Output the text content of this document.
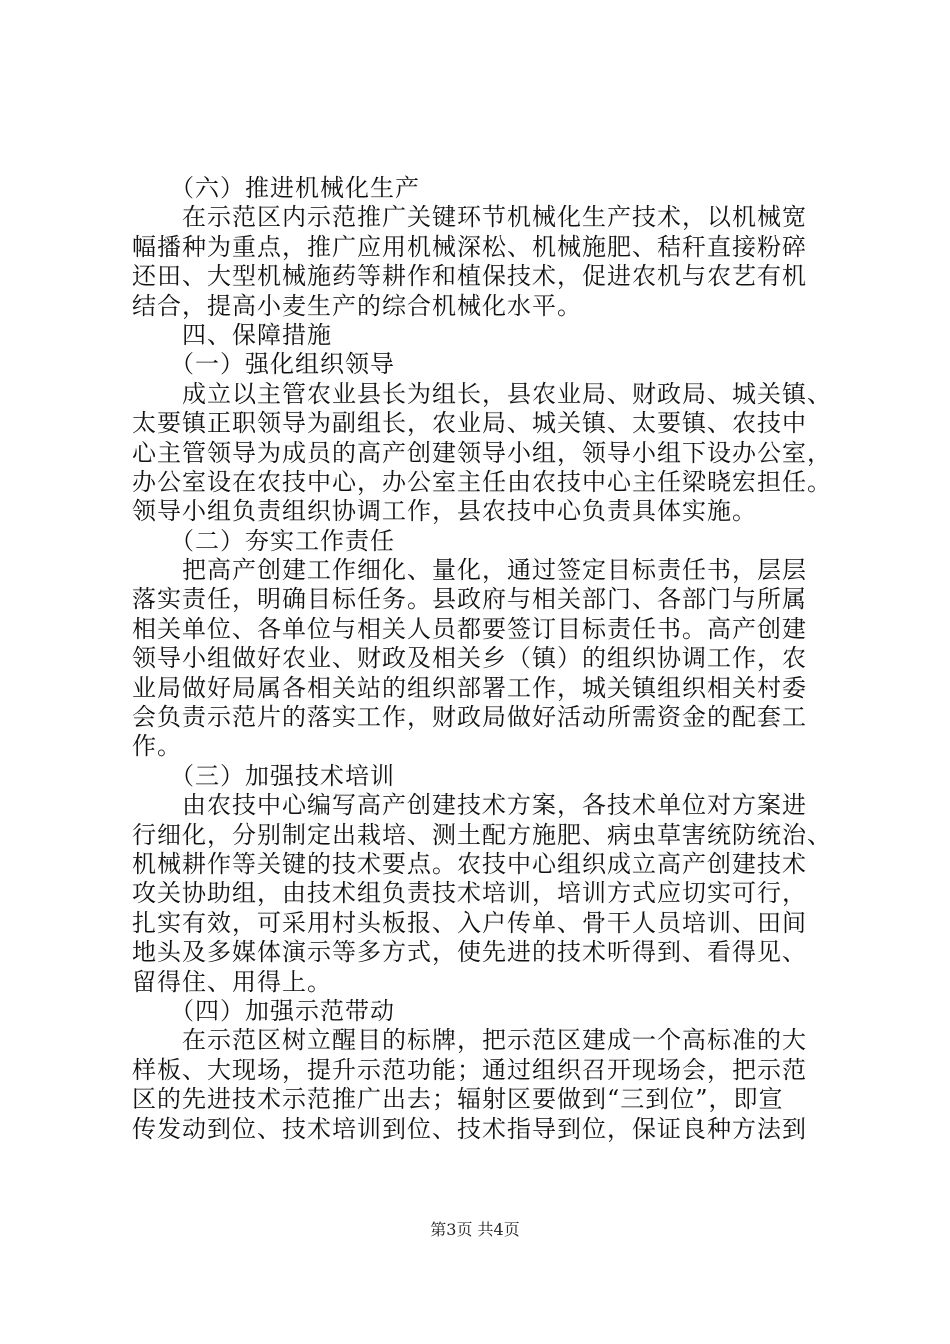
　　（六）推进机械化生产
　　在示范区内示范推广关键环节机械化生产技术，以机械宽
幅播种为重点，推广应用机械深松、机械施肥、秸秆直接粉碎
还田、大型机械施药等耕作和植保技术，促进农机与农艺有机
结合，提高小麦生产的综合机械化水平。
　　四、保障措施
　　（一）强化组织领导
　　成立以主管农业县长为组长，县农业局、财政局、城关镇、
太要镇正职领导为副组长，农业局、城关镇、太要镇、农技中
心主管领导为成员的高产创建领导小组，领导小组下设办公室，
办公室设在农技中心，办公室主任由农技中心主任梁晓宏担任。
领导小组负责组织协调工作，县农技中心负责具体实施。
　　（二）夯实工作责任
　　把高产创建工作细化、量化，通过签定目标责任书，层层
落实责任，明确目标任务。县政府与相关部门、各部门与所属
相关单位、各单位与相关人员都要签订目标责任书。高产创建
领导小组做好农业、财政及相关乡（镇）的组织协调工作，农
业局做好局属各相关站的组织部署工作，城关镇组织相关村委
会负责示范片的落实工作，财政局做好活动所需资金的配套工
作。
　　（三）加强技术培训
　　由农技中心编写高产创建技术方案，各技术单位对方案进
行细化，分别制定出栽培、测土配方施肥、病虫草害统防统治、
机械耕作等关键的技术要点。农技中心组织成立高产创建技术
攻关协助组，由技术组负责技术培训，培训方式应切实可行，
扎实有效，可采用村头板报、入户传单、骨干人员培训、田间
地头及多媒体演示等多方式，使先进的技术听得到、看得见、
留得住、用得上。
　　（四）加强示范带动
　　在示范区树立醒目的标牌，把示范区建成一个高标准的大
样板、大现场，提升示范功能；通过组织召开现场会，把示范
区的先进技术示范推广出去；辐射区要做到“三到位”，即宣
传发动到位、技术培训到位、技术指导到位，保证良种方法到
第3页 共4页
